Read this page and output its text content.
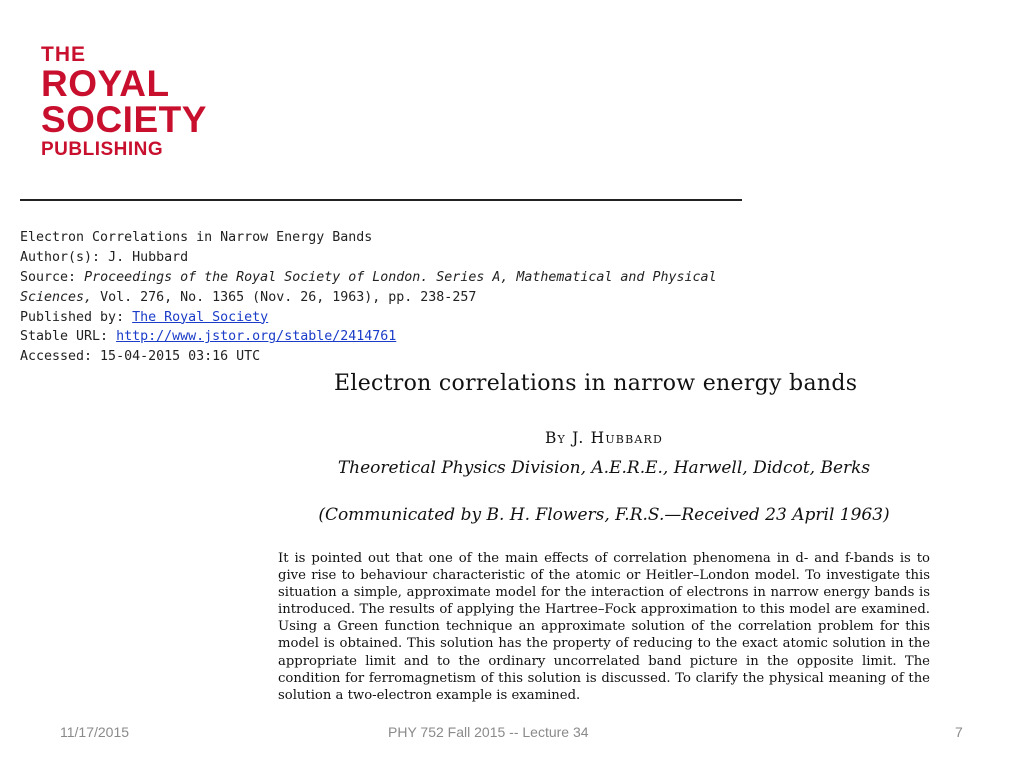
THE
ROYAL
SOCIETY
PUBLISHING
Electron Correlations in Narrow Energy Bands
Author(s): J. Hubbard
Source: Proceedings of the Royal Society of London. Series A, Mathematical and Physical
Sciences, Vol. 276, No. 1365 (Nov. 26, 1963), pp. 238-257
Published by: The Royal Society
Stable URL: http://www.jstor.org/stable/2414761
Accessed: 15-04-2015 03:16 UTC
Electron correlations in narrow energy bands
By J. Hubbard
Theoretical Physics Division, A.E.R.E., Harwell, Didcot, Berks
(Communicated by B. H. Flowers, F.R.S.—Received 23 April 1963)
It is pointed out that one of the main effects of correlation phenomena in d- and f-bands is to give rise to behaviour characteristic of the atomic or Heitler–London model. To investigate this situation a simple, approximate model for the interaction of electrons in narrow energy bands is introduced. The results of applying the Hartree–Fock approximation to this model are examined. Using a Green function technique an approximate solution of the correlation problem for this model is obtained. This solution has the property of reducing to the exact atomic solution in the appropriate limit and to the ordinary uncorrelated band picture in the opposite limit. The condition for ferromagnetism of this solution is discussed. To clarify the physical meaning of the solution a two-electron example is examined.
11/17/2015	PHY 752 Fall 2015 -- Lecture 34	7
